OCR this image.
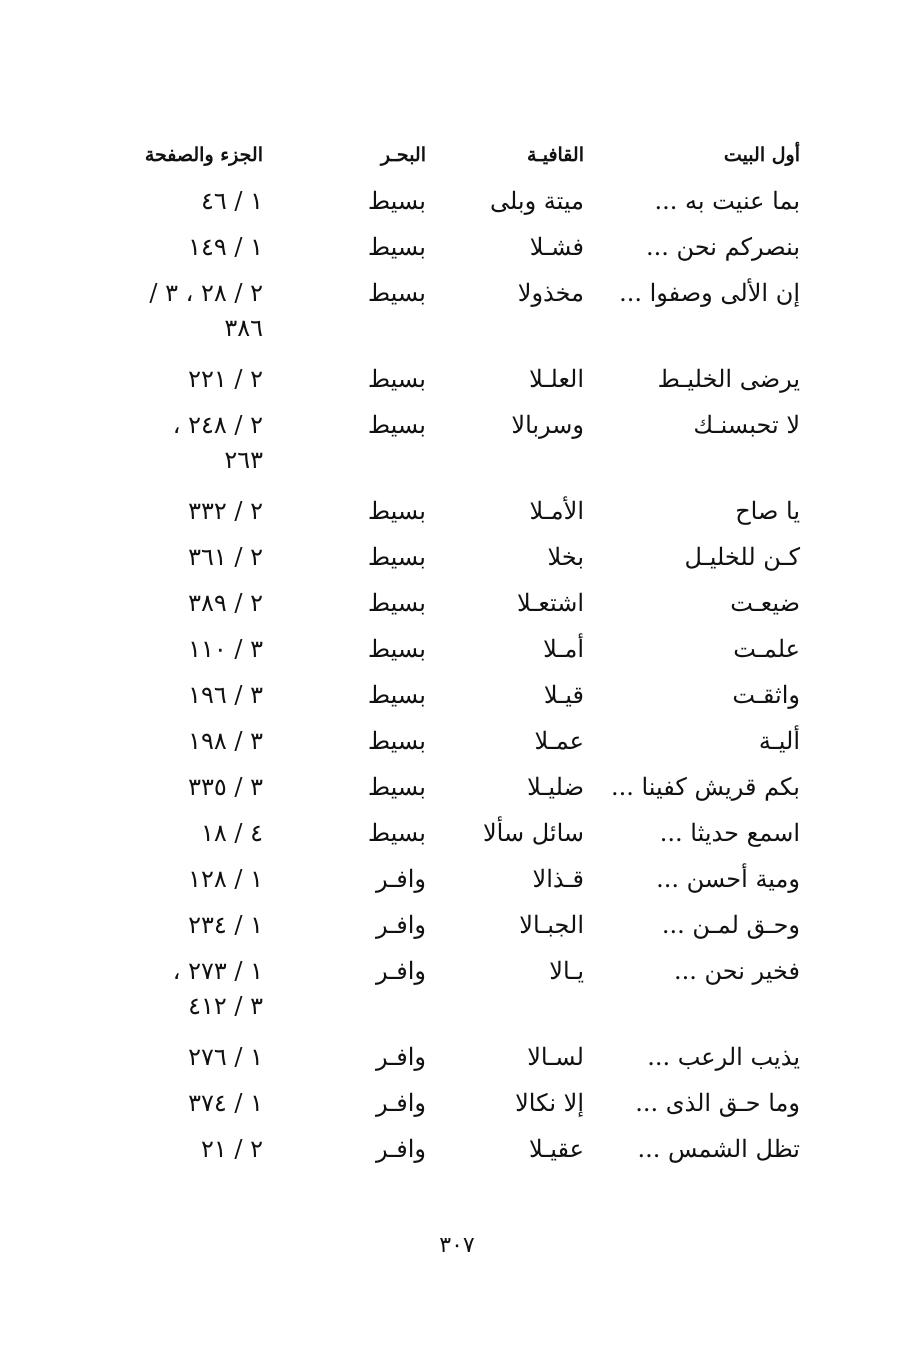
أول البيت
القافيـة
البحـر
الجزء والصفحة
بما عنيت به ...
ميتة وبلى
بسيط
١ / ٤٦
بنصركم نحن ...
فشـلا
بسيط
١ / ١٤٩
إن الألى وصفوا ...
مخذولا
بسيط
٢ / ٢٨ ، ٣ /
٣٨٦
يرضى الخليـط
العلـلا
بسيط
٢ / ٢٢١
لا تحبسنـك
وسربالا
بسيط
٢ / ٢٤٨ ،
٢٦٣
يا صاح
الأمـلا
بسيط
٢ / ٣٣٢
كـن للخليـل
بخلا
بسيط
٢ / ٣٦١
ضيعـت
اشتعـلا
بسيط
٢ / ٣٨٩
علمـت
أمـلا
بسيط
٣ / ١١٠
واثقـت
قيـلا
بسيط
٣ / ١٩٦
أليـة
عمـلا
بسيط
٣ / ١٩٨
بكم قريش كفينا ...
ضليـلا
بسيط
٣ / ٣٣٥
اسمع حديثا ...
سائل سألا
بسيط
٤ / ١٨
ومية أحسن ...
قـذالا
وافـر
١ / ١٢٨
وحـق لمـن ...
الجبـالا
وافـر
١ / ٢٣٤
فخير نحن ...
يـالا
وافـر
١ / ٢٧٣ ،
٣ / ٤١٢
يذيب الرعب ...
لسـالا
وافـر
١ / ٢٧٦
وما حـق الذى ...
إلا نكالا
وافـر
١ / ٣٧٤
تظل الشمس ...
عقيـلا
وافـر
٢ / ٢١
٣٠٧
